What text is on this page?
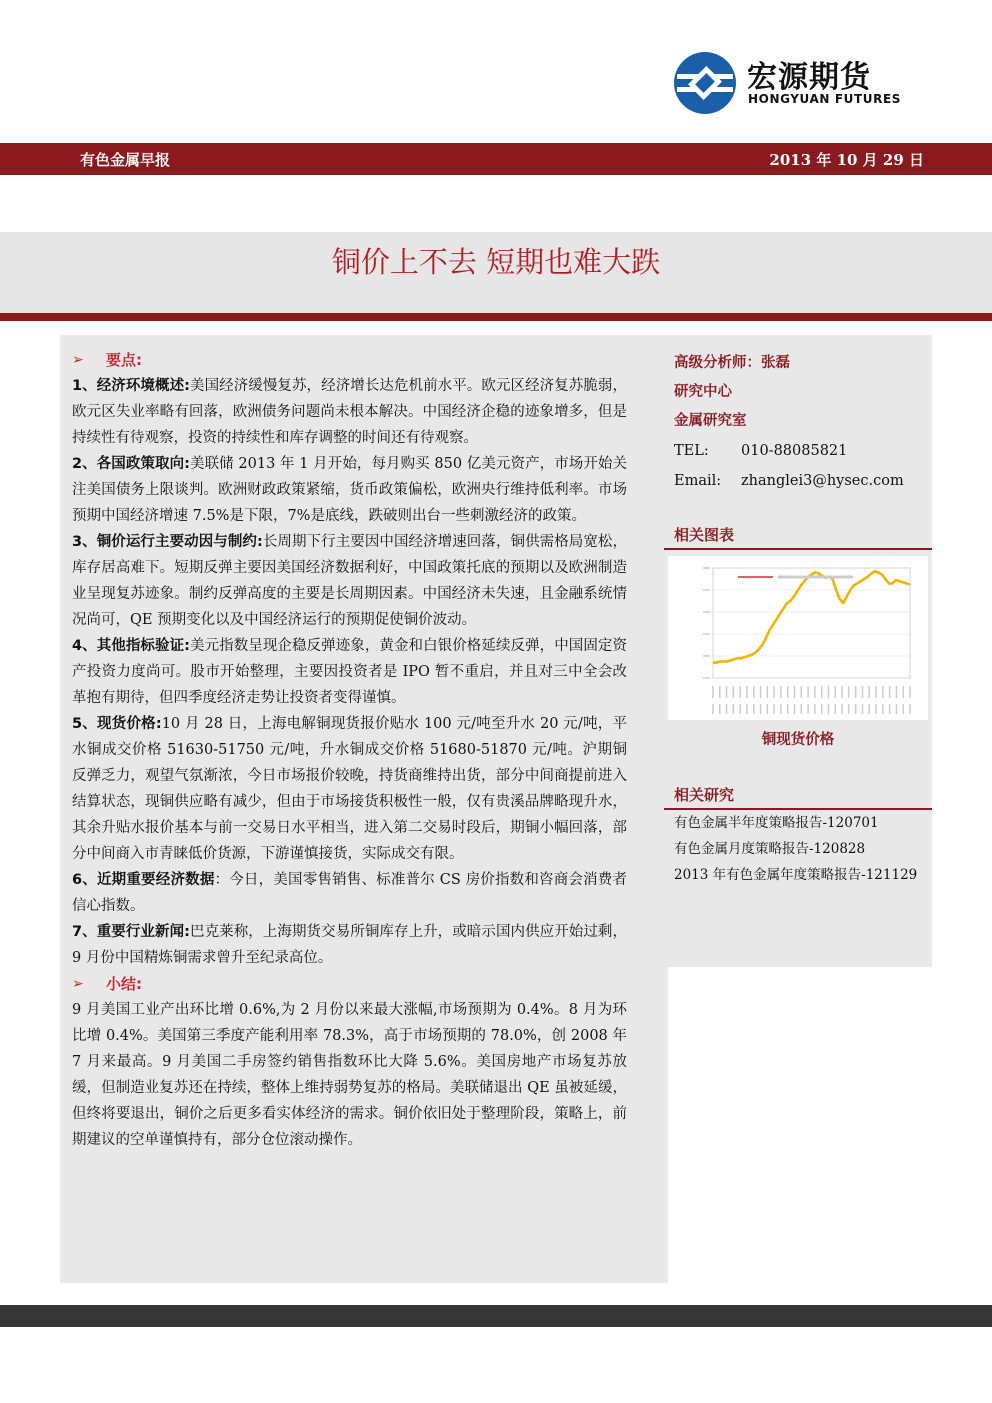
宏源期货
HONGYUAN FUTURES
有色金属早报	2013 年 10 月 29 日
铜价上不去 短期也难大跌
➢	要点:

1、经济环境概述:美国经济缓慢复苏，经济增长达危机前水平。欧元区经济复苏脆弱，欧元区失业率略有回落，欧洲债务问题尚未根本解决。中国经济企稳的迹象增多，但是持续性有待观察，投资的持续性和库存调整的时间还有待观察。

2、各国政策取向:美联储 2013 年 1 月开始，每月购买 850 亿美元资产，市场开始关注美国债务上限谈判。欧洲财政政策紧缩，货币政策偏松，欧洲央行维持低利率。市场预期中国经济增速 7.5%是下限，7%是底线，跌破则出台一些刺激经济的政策。

3、铜价运行主要动因与制约:长周期下行主要因中国经济增速回落，铜供需格局宽松，库存居高难下。短期反弹主要因美国经济数据利好，中国政策托底的预期以及欧洲制造业呈现复苏迹象。制约反弹高度的主要是长周期因素。中国经济未失速，且金融系统情况尚可，QE 预期变化以及中国经济运行的预期促使铜价波动。

4、其他指标验证:美元指数呈现企稳反弹迹象，黄金和白银价格延续反弹，中国固定资产投资力度尚可。股市开始整理，主要因投资者是 IPO 暂不重启，并且对三中全会改革抱有期待，但四季度经济走势让投资者变得谨慎。

5、现货价格:10 月 28 日，上海电解铜现货报价贴水 100 元/吨至升水 20 元/吨，平水铜成交价格 51630-51750 元/吨，升水铜成交价格 51680-51870 元/吨。沪期铜反弹乏力，观望气氛渐浓，今日市场报价较晚，持货商维持出货，部分中间商提前进入结算状态，现铜供应略有减少，但由于市场接货积极性一般，仅有贵溪品牌略现升水，其余升贴水报价基本与前一交易日水平相当，进入第二交易时段后，期铜小幅回落，部分中间商入市青睐低价货源，下游谨慎接货，实际成交有限。

6、近期重要经济数据：今日，美国零售销售、标准普尔 CS 房价指数和咨商会消费者信心指数。

7、重要行业新闻:巴克莱称，上海期货交易所铜库存上升，或暗示国内供应开始过剩，9 月份中国精炼铜需求曾升至纪录高位。

➢	小结:

9 月美国工业产出环比增 0.6%,为 2 月份以来最大涨幅,市场预期为 0.4%。8 月为环比增 0.4%。美国第三季度产能利用率 78.3%，高于市场预期的 78.0%，创 2008 年 7 月来最高。9 月美国二手房签约销售指数环比大降 5.6%。美国房地产市场复苏放缓，但制造业复苏还在持续，整体上维持弱势复苏的格局。美联储退出 QE 虽被延缓，但终将要退出，铜价之后更多看实体经济的需求。铜价依旧处于整理阶段，策略上，前期建议的空单谨慎持有，部分仓位滚动操作。

高级分析师：张磊
研究中心
金属研究室
TEL: 010-88085821
Email: zhanglei3@hysec.com
相关图表
铜现货价格
相关研究
有色金属半年度策略报告-120701
有色金属月度策略报告-120828
2013 年有色金属年度策略报告-121129
